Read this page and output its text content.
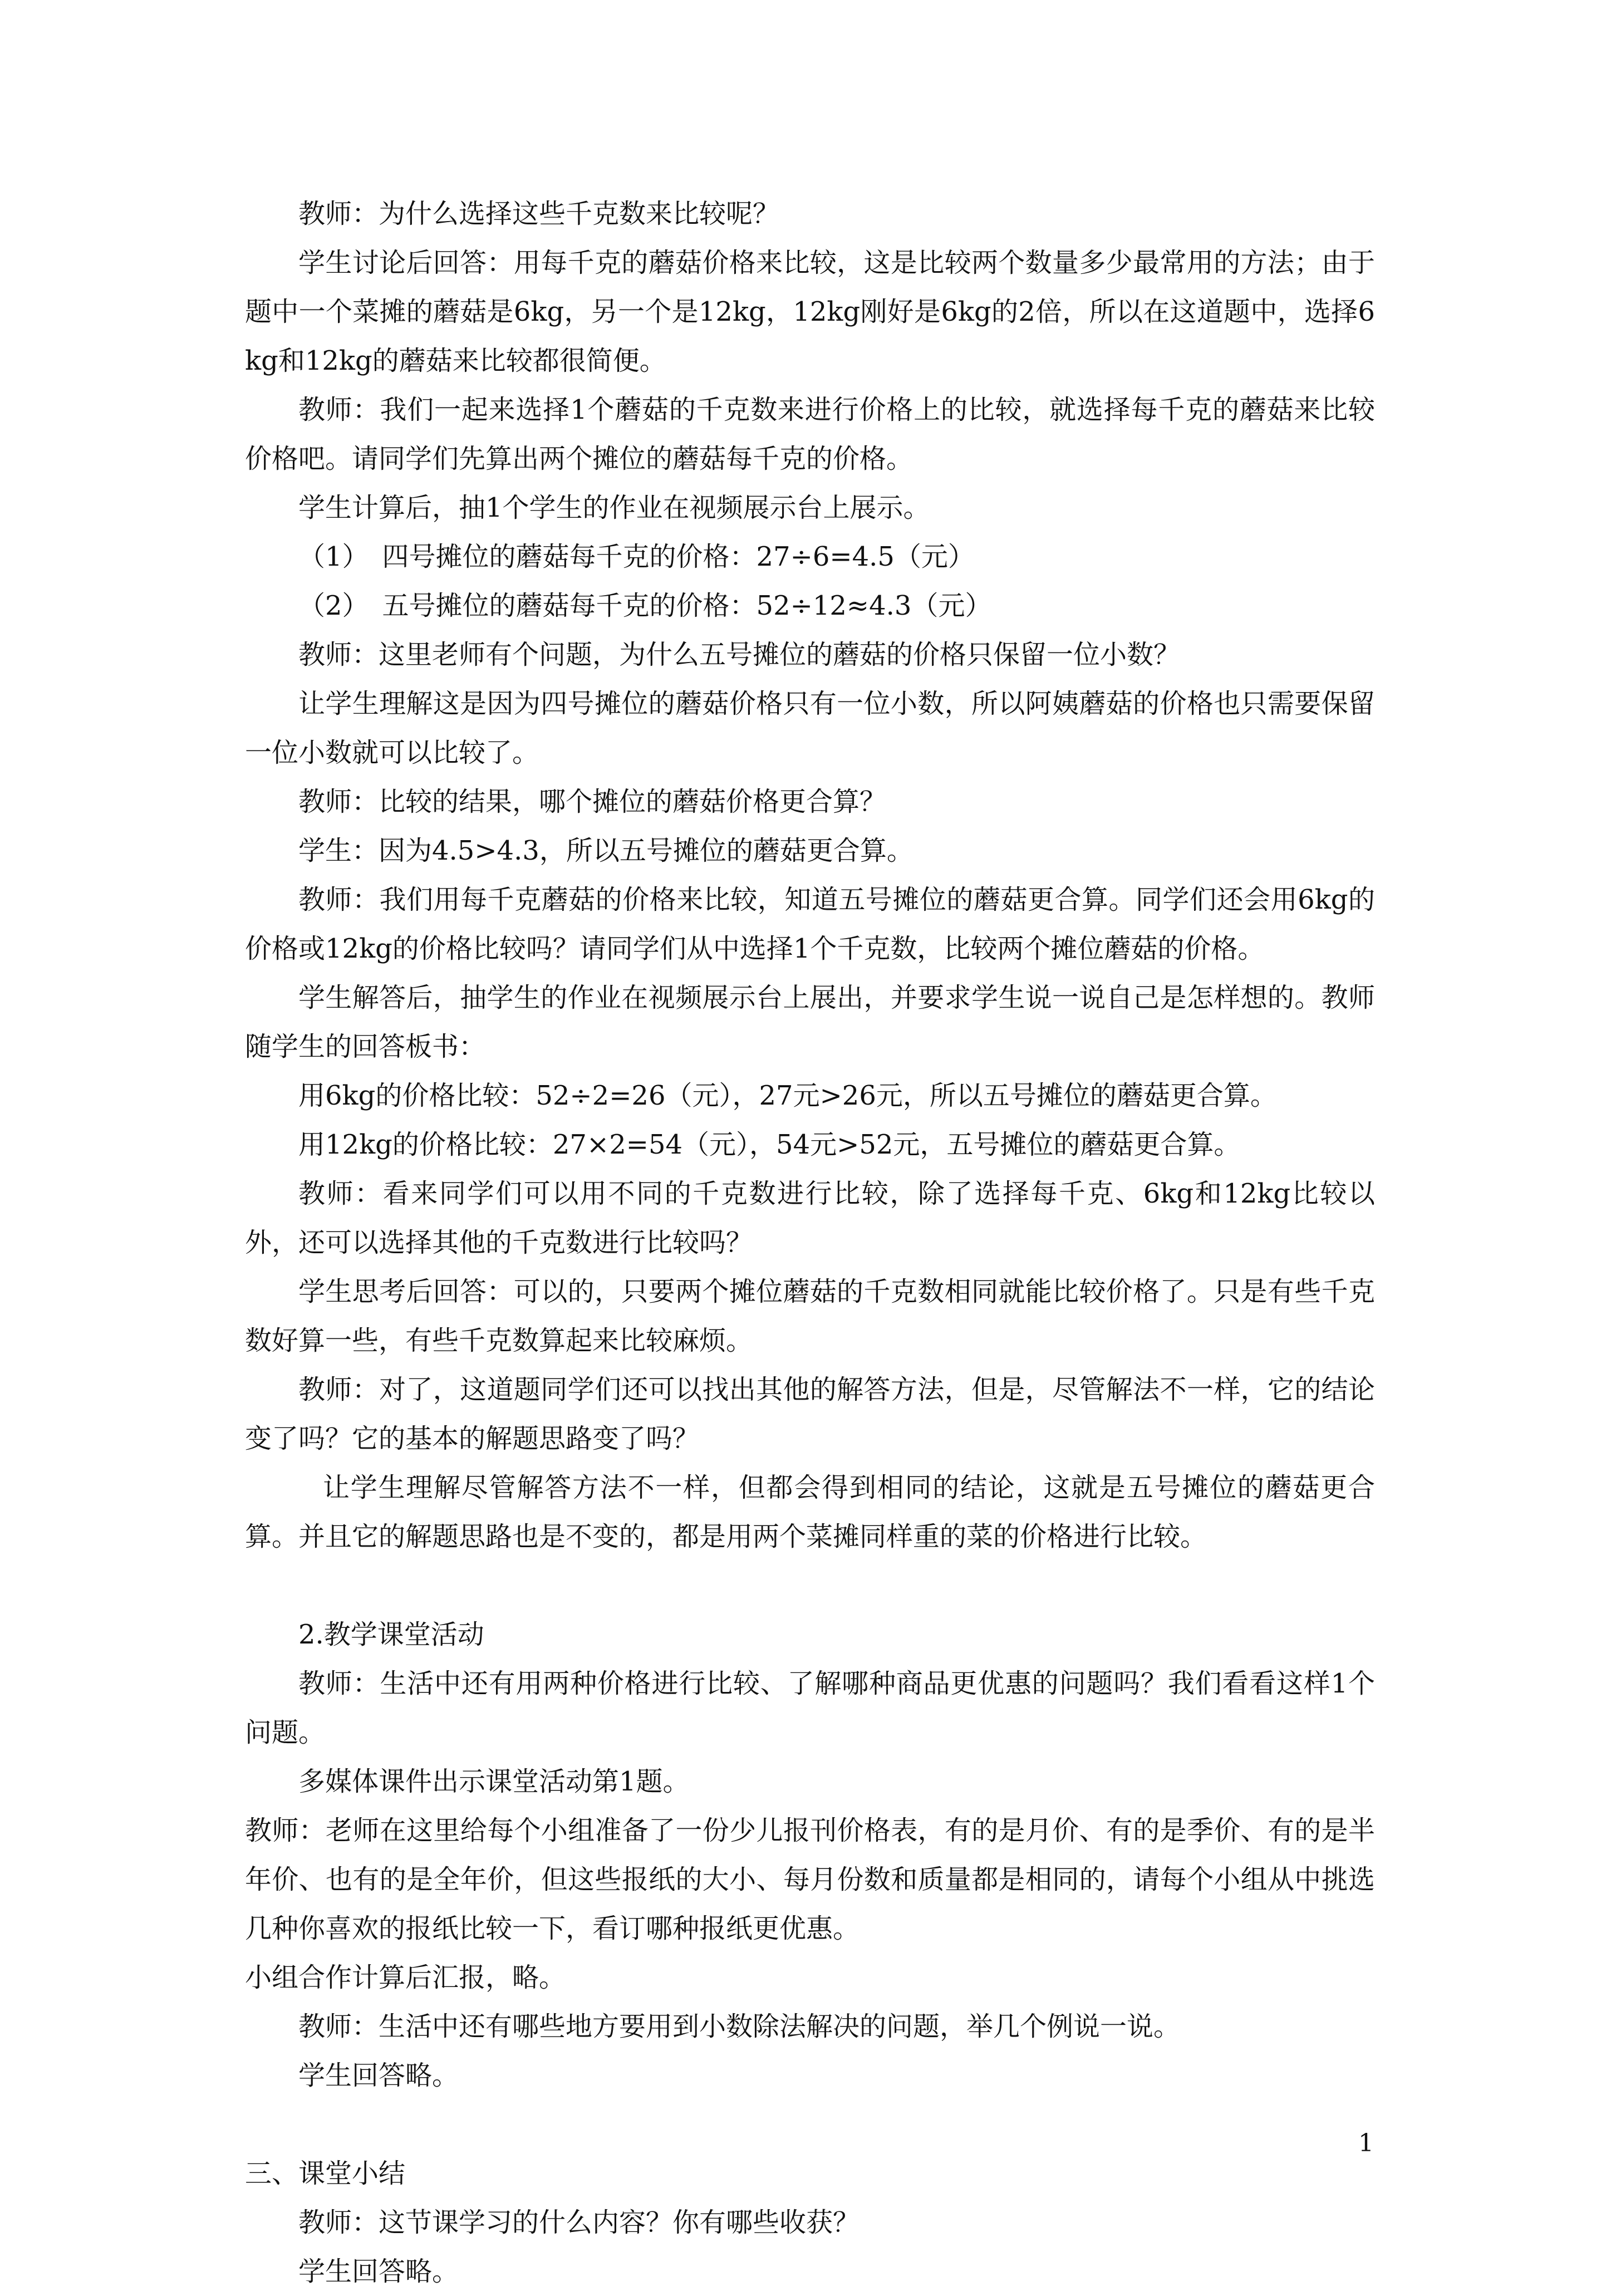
教师：为什么选择这些千克数来比较呢？

学生讨论后回答：用每千克的蘑菇价格来比较，这是比较两个数量多少最常用的方法；由于题中一个菜摊的蘑菇是6kg，另一个是12kg，12kg刚好是6kg的2倍，所以在这道题中，选择6kg和12kg的蘑菇来比较都很简便。

教师：我们一起来选择1个蘑菇的千克数来进行价格上的比较，就选择每千克的蘑菇来比较价格吧。请同学们先算出两个摊位的蘑菇每千克的价格。

学生计算后，抽1个学生的作业在视频展示台上展示。

（1）　四号摊位的蘑菇每千克的价格：27÷6=4.5（元）

（2）　五号摊位的蘑菇每千克的价格：52÷12≈4.3（元）

教师：这里老师有个问题，为什么五号摊位的蘑菇的价格只保留一位小数？

让学生理解这是因为四号摊位的蘑菇价格只有一位小数，所以阿姨蘑菇的价格也只需要保留一位小数就可以比较了。

教师：比较的结果，哪个摊位的蘑菇价格更合算？

学生：因为4.5>4.3，所以五号摊位的蘑菇更合算。

教师：我们用每千克蘑菇的价格来比较，知道五号摊位的蘑菇更合算。同学们还会用6kg的价格或12kg的价格比较吗？请同学们从中选择1个千克数，比较两个摊位蘑菇的价格。

学生解答后，抽学生的作业在视频展示台上展出，并要求学生说一说自己是怎样想的。教师随学生的回答板书：

用6kg的价格比较：52÷2=26（元），27元>26元，所以五号摊位的蘑菇更合算。

用12kg的价格比较：27×2=54（元），54元>52元，五号摊位的蘑菇更合算。

教师：看来同学们可以用不同的千克数进行比较，除了选择每千克、6kg和12kg比较以外，还可以选择其他的千克数进行比较吗？

学生思考后回答：可以的，只要两个摊位蘑菇的千克数相同就能比较价格了。只是有些千克数好算一些，有些千克数算起来比较麻烦。

教师：对了，这道题同学们还可以找出其他的解答方法，但是，尽管解法不一样，它的结论变了吗？它的基本的解题思路变了吗？

让学生理解尽管解答方法不一样，但都会得到相同的结论，这就是五号摊位的蘑菇更合算。并且它的解题思路也是不变的，都是用两个菜摊同样重的菜的价格进行比较。

2.教学课堂活动

教师：生活中还有用两种价格进行比较、了解哪种商品更优惠的问题吗？我们看看这样1个问题。

多媒体课件出示课堂活动第1题。

教师：老师在这里给每个小组准备了一份少儿报刊价格表，有的是月价、有的是季价、有的是半年价、也有的是全年价，但这些报纸的大小、每月份数和质量都是相同的，请每个小组从中挑选几种你喜欢的报纸比较一下，看订哪种报纸更优惠。

小组合作计算后汇报，略。

教师：生活中还有哪些地方要用到小数除法解决的问题，举几个例说一说。

学生回答略。

三、课堂小结

教师：这节课学习的什么内容？你有哪些收获？

学生回答略。

1
